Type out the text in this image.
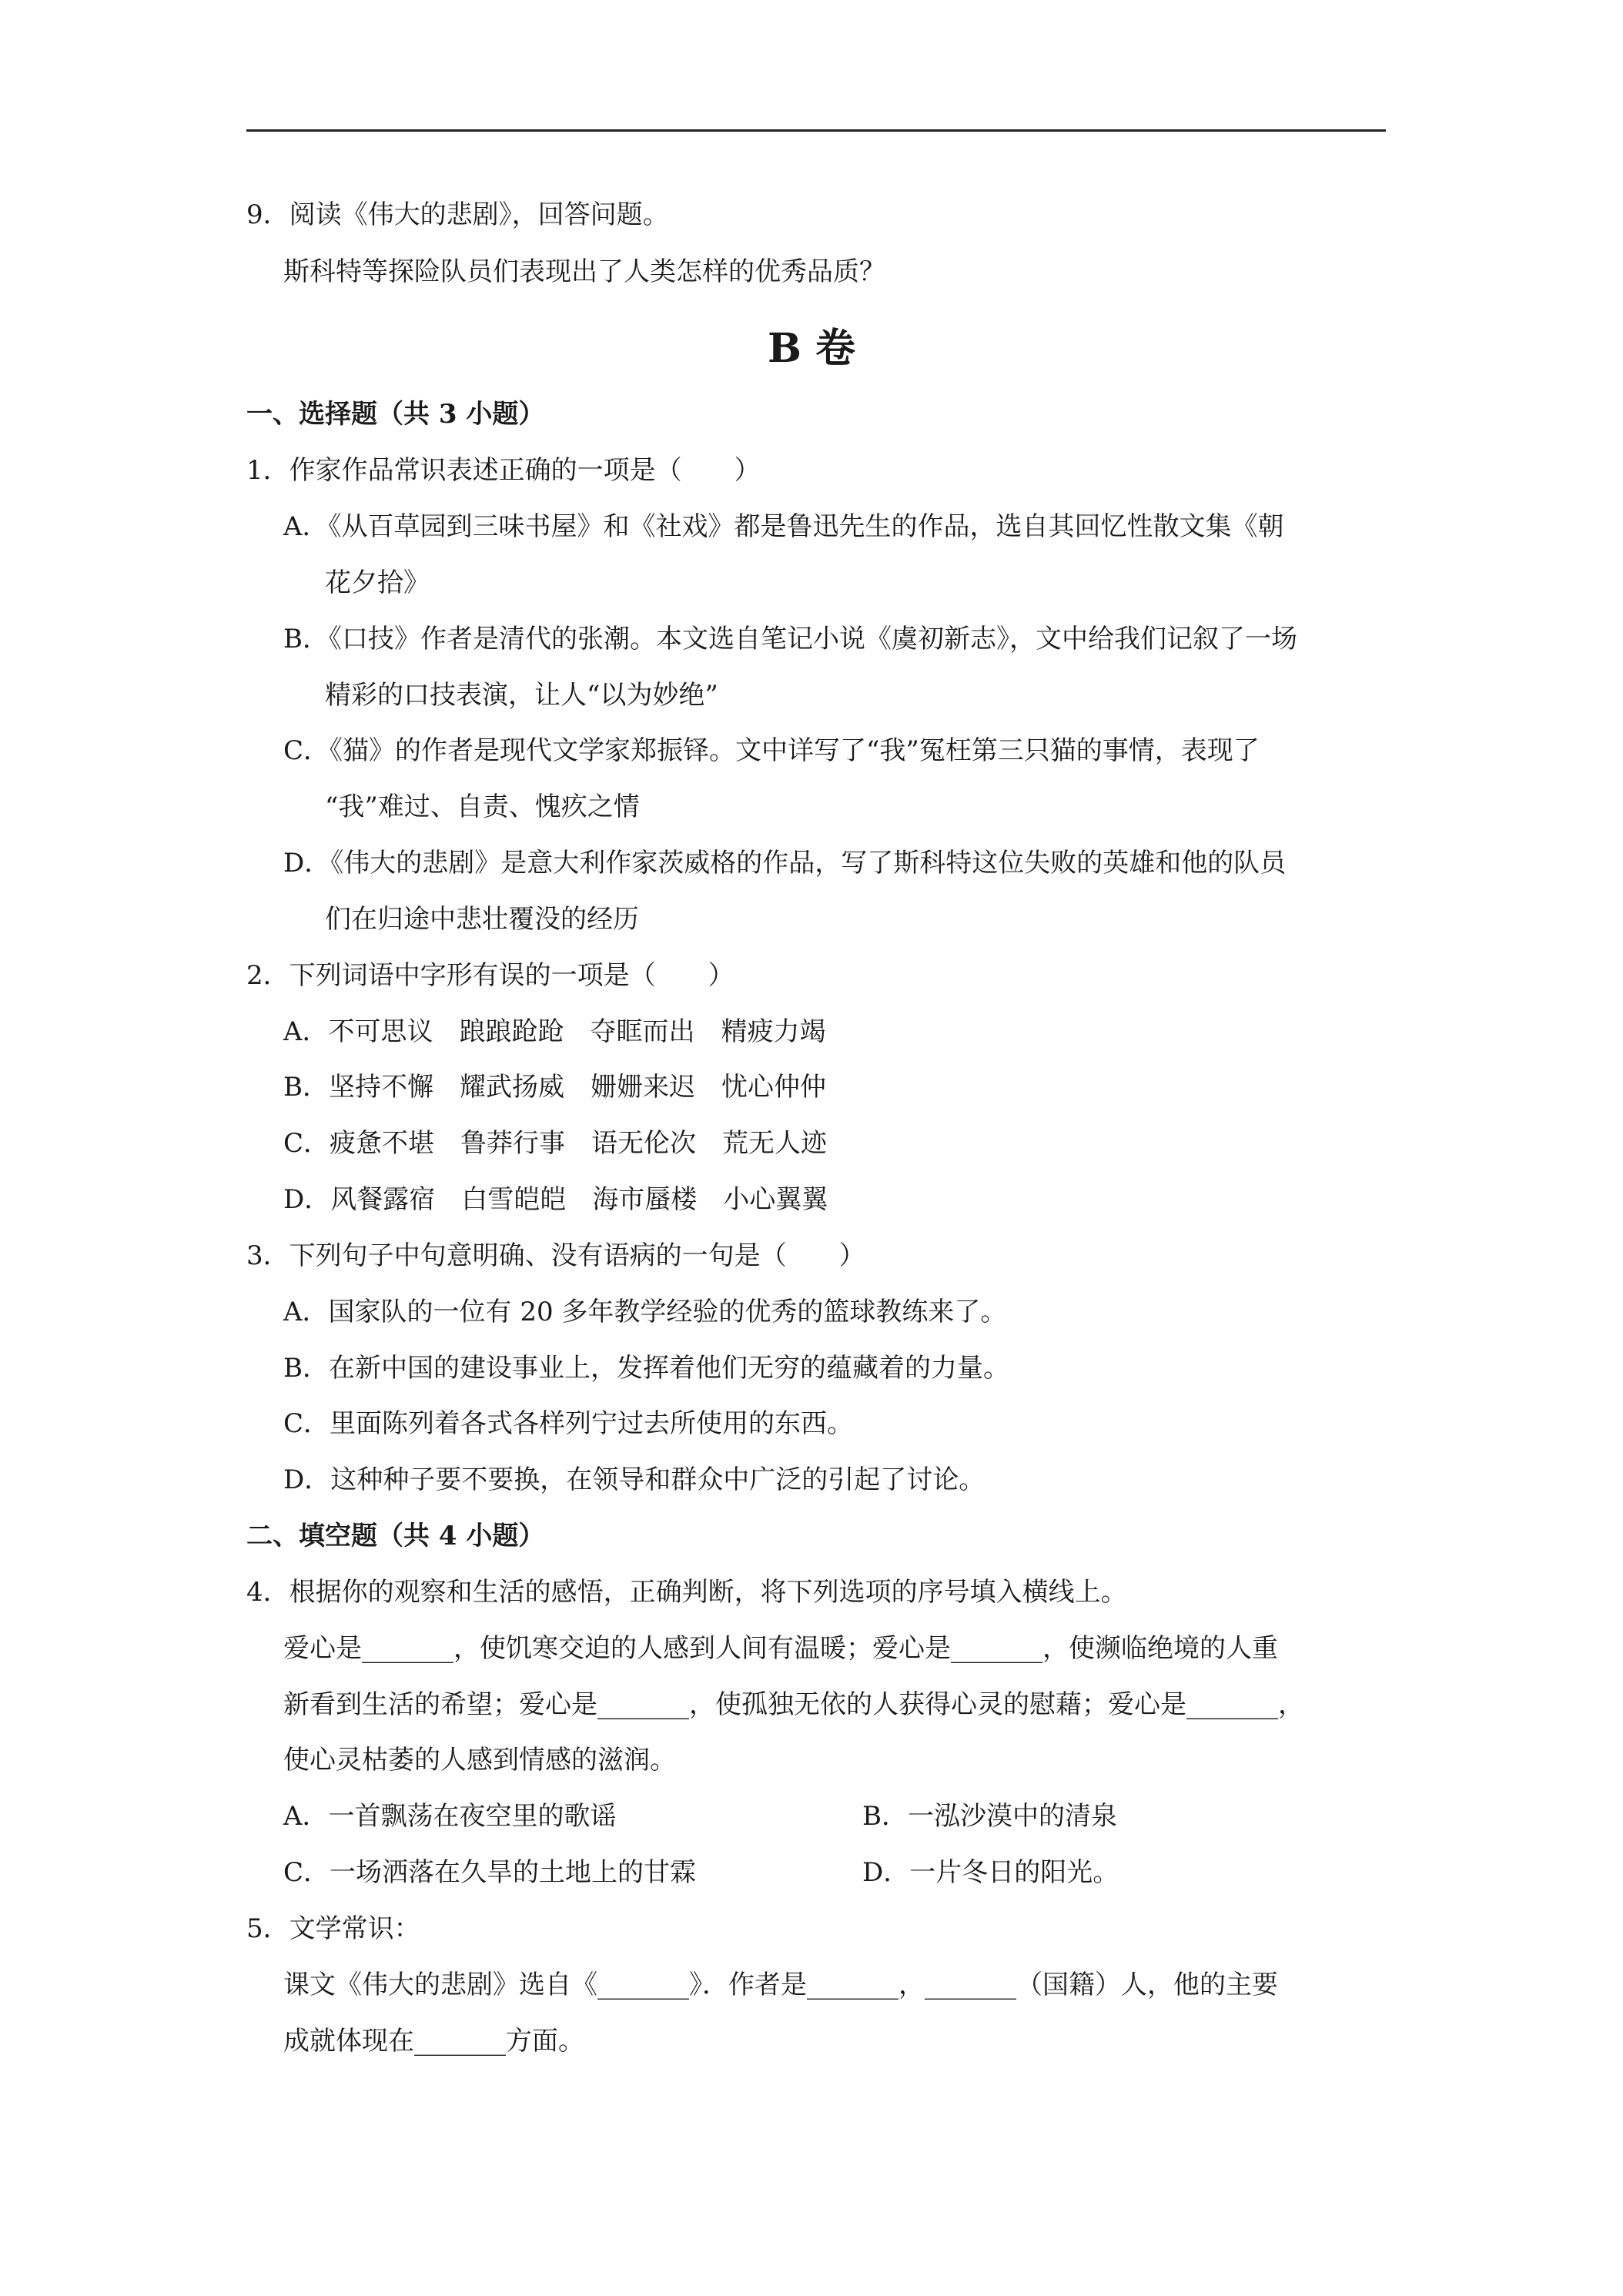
9．阅读《伟大的悲剧》，回答问题。
斯科特等探险队员们表现出了人类怎样的优秀品质？
B 卷
一、选择题（共 3 小题）
1．作家作品常识表述正确的一项是（　　）
A．《从百草园到三味书屋》和《社戏》都是鲁迅先生的作品，选自其回忆性散文集《朝
花夕拾》
B．《口技》作者是清代的张潮。本文选自笔记小说《虞初新志》，文中给我们记叙了一场
精彩的口技表演，让人“以为妙绝”
C．《猫》的作者是现代文学家郑振铎。文中详写了“我”冤枉第三只猫的事情，表现了
“我”难过、自责、愧疚之情
D．《伟大的悲剧》是意大利作家茨威格的作品，写了斯科特这位失败的英雄和他的队员
们在归途中悲壮覆没的经历
2．下列词语中字形有误的一项是（　　）
A．不可思议　踉踉跄跄　夺眶而出　精疲力竭
B．坚持不懈　耀武扬威　姗姗来迟　忧心仲仲
C．疲惫不堪　鲁莽行事　语无伦次　荒无人迹
D．风餐露宿　白雪皑皑　海市蜃楼　小心翼翼
3．下列句子中句意明确、没有语病的一句是（　　）
A．国家队的一位有 20 多年教学经验的优秀的篮球教练来了。
B．在新中国的建设事业上，发挥着他们无穷的蕴藏着的力量。
C．里面陈列着各式各样列宁过去所使用的东西。
D．这种种子要不要换，在领导和群众中广泛的引起了讨论。
二、填空题（共 4 小题）
4．根据你的观察和生活的感悟，正确判断，将下列选项的序号填入横线上。
爱心是_______，使饥寒交迫的人感到人间有温暖；爱心是_______，使濒临绝境的人重
新看到生活的希望；爱心是_______，使孤独无依的人获得心灵的慰藉；爱心是_______，
使心灵枯萎的人感到情感的滋润。
A．一首飘荡在夜空里的歌谣	B．一泓沙漠中的清泉
C．一场洒落在久旱的土地上的甘霖	D．一片冬日的阳光。
5．文学常识：
课文《伟大的悲剧》选自《_______》．作者是_______，_______（国籍）人，他的主要
成就体现在_______方面。
